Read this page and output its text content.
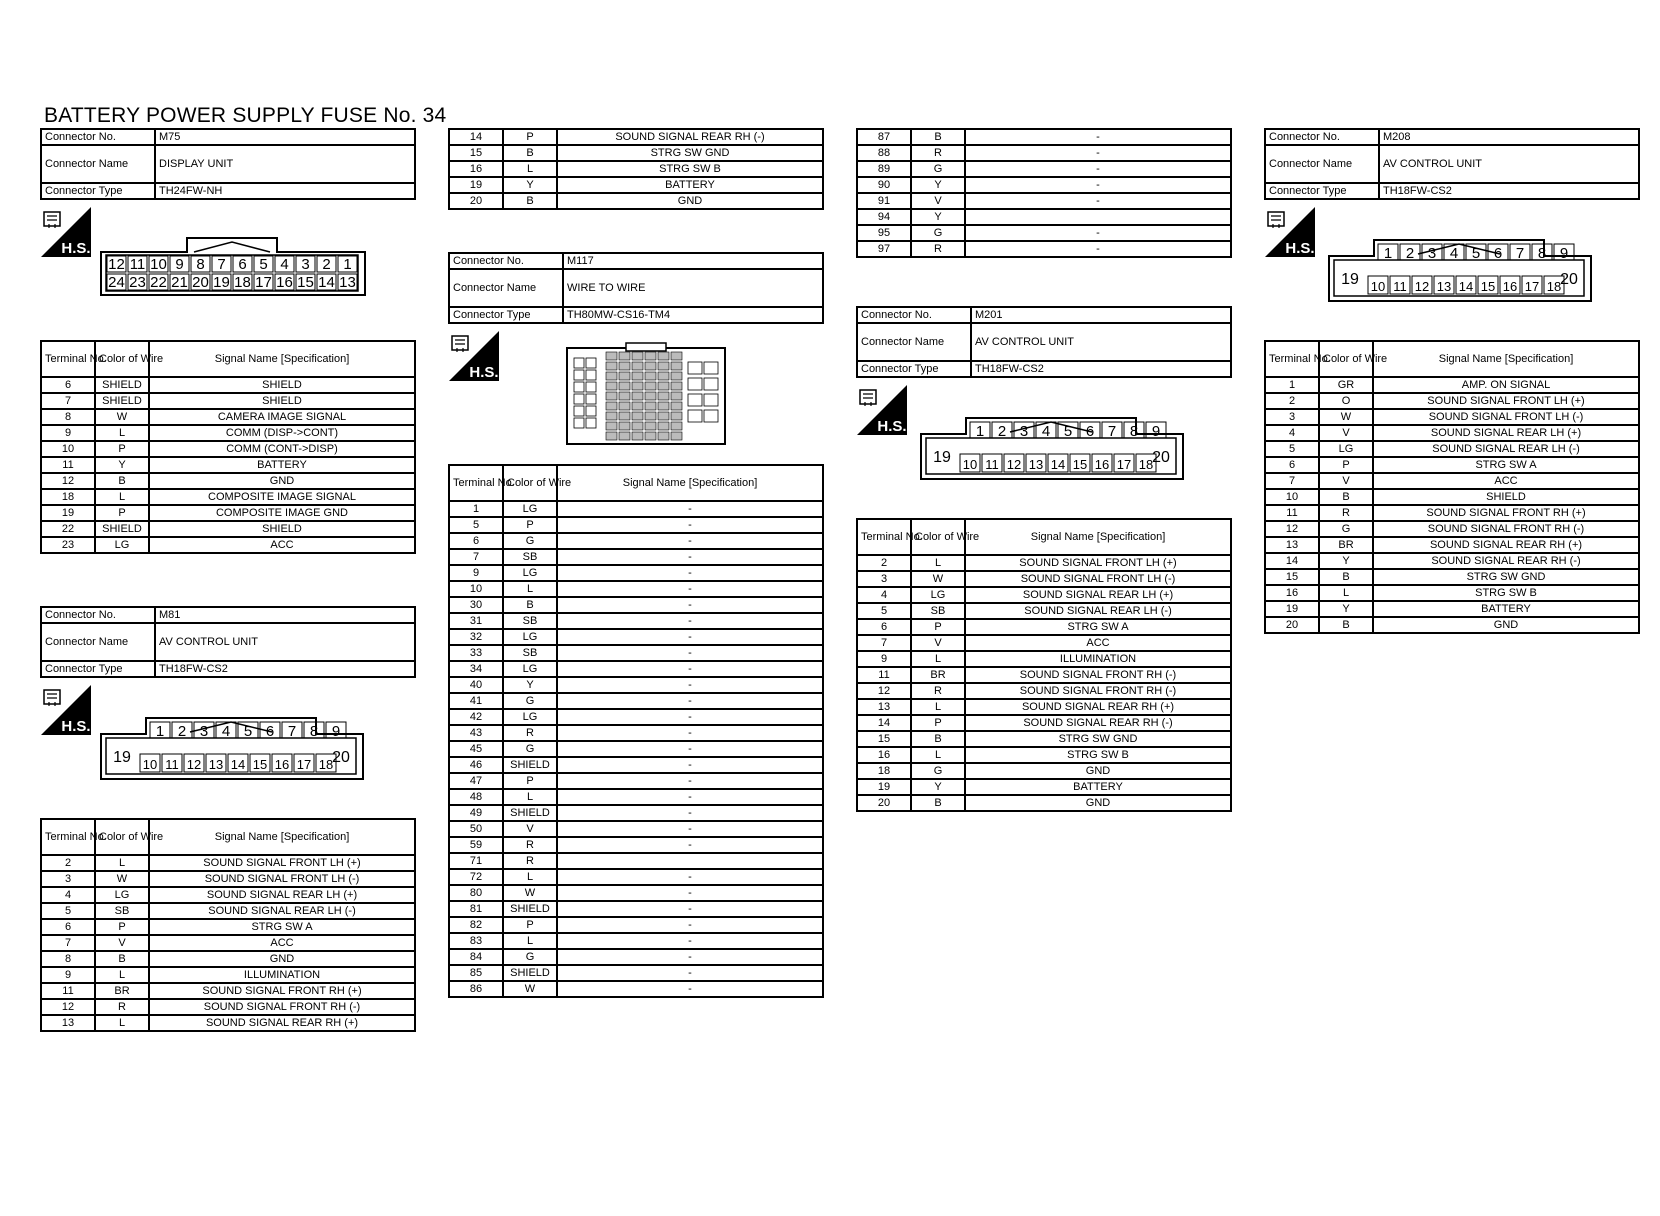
BATTERY POWER SUPPLY FUSE No. 34
Connector No.	M75
Connector Name	DISPLAY UNIT
Connector Type	TH24FW-NH
H.S.
12 11 10 9 8 7 6 5 4 3 2 1
24 23 22 21 20 19 18 17 16 15 14 13
Terminal No.	Color of Wire	Signal Name [Specification]
6	SHIELD	SHIELD
7	SHIELD	SHIELD
8	W	CAMERA IMAGE SIGNAL
9	L	COMM (DISP->CONT)
10	P	COMM (CONT->DISP)
11	Y	BATTERY
12	B	GND
18	L	COMPOSITE IMAGE SIGNAL
19	P	COMPOSITE IMAGE GND
22	SHIELD	SHIELD
23	LG	ACC
Connector No.	M81
Connector Name	AV CONTROL UNIT
Connector Type	TH18FW-CS2
H.S.
19	20
1 2 3 4 5 6 7 8 9
10 11 12 13 14 15 16 17 18
Terminal No.	Color of Wire	Signal Name [Specification]
2	L	SOUND SIGNAL FRONT LH (+)
3	W	SOUND SIGNAL FRONT LH (-)
4	LG	SOUND SIGNAL REAR LH (+)
5	SB	SOUND SIGNAL REAR LH (-)
6	P	STRG SW A
7	V	ACC
8	B	GND
9	L	ILLUMINATION
11	BR	SOUND SIGNAL FRONT RH (+)
12	R	SOUND SIGNAL FRONT RH (-)
13	L	SOUND SIGNAL REAR RH (+)
14	P	SOUND SIGNAL REAR RH (-)
15	B	STRG SW GND
16	L	STRG SW B
19	Y	BATTERY
20	B	GND
Connector No.	M117
Connector Name	WIRE TO WIRE
Connector Type	TH80MW-CS16-TM4
H.S.
Terminal No.	Color of Wire	Signal Name [Specification]
1	LG	-
5	P	-
6	G	-
7	SB	-
9	LG	-
10	L	-
30	B	-
31	SB	-
32	LG	-
33	SB	-
34	LG	-
40	Y	-
41	G	-
42	LG	-
43	R	-
45	G	-
46	SHIELD	-
47	P	-
48	L	-
49	SHIELD	-
50	V	-
59	R	-
71	R	
72	L	-
80	W	-
81	SHIELD	-
82	P	-
83	L	-
84	G	-
85	SHIELD	-
86	W	-
87	B	-
88	R	-
89	G	-
90	Y	-
91	V	-
94	Y	
95	G	-
97	R	-
Connector No.	M201
Connector Name	AV CONTROL UNIT
Connector Type	TH18FW-CS2
H.S.
19	20
1 2 3 4 5 6 7 8 9
10 11 12 13 14 15 16 17 18
Terminal No.	Color of Wire	Signal Name [Specification]
2	L	SOUND SIGNAL FRONT LH (+)
3	W	SOUND SIGNAL FRONT LH (-)
4	LG	SOUND SIGNAL REAR LH (+)
5	SB	SOUND SIGNAL REAR LH (-)
6	P	STRG SW A
7	V	ACC
9	L	ILLUMINATION
11	BR	SOUND SIGNAL FRONT RH (-)
12	R	SOUND SIGNAL FRONT RH (-)
13	L	SOUND SIGNAL REAR RH (+)
14	P	SOUND SIGNAL REAR RH (-)
15	B	STRG SW GND
16	L	STRG SW B
18	G	GND
19	Y	BATTERY
20	B	GND
Connector No.	M208
Connector Name	AV CONTROL UNIT
Connector Type	TH18FW-CS2
H.S.
19	20
1 2 3 4 5 6 7 8 9
10 11 12 13 14 15 16 17 18
Terminal No.	Color of Wire	Signal Name [Specification]
1	GR	AMP. ON SIGNAL
2	O	SOUND SIGNAL FRONT LH (+)
3	W	SOUND SIGNAL FRONT LH (-)
4	V	SOUND SIGNAL REAR LH (+)
5	LG	SOUND SIGNAL REAR LH (-)
6	P	STRG SW A
7	V	ACC
10	B	SHIELD
11	R	SOUND SIGNAL FRONT RH (+)
12	G	SOUND SIGNAL FRONT RH (-)
13	BR	SOUND SIGNAL REAR RH (+)
14	Y	SOUND SIGNAL REAR RH (-)
15	B	STRG SW GND
16	L	STRG SW B
19	Y	BATTERY
20	B	GND
